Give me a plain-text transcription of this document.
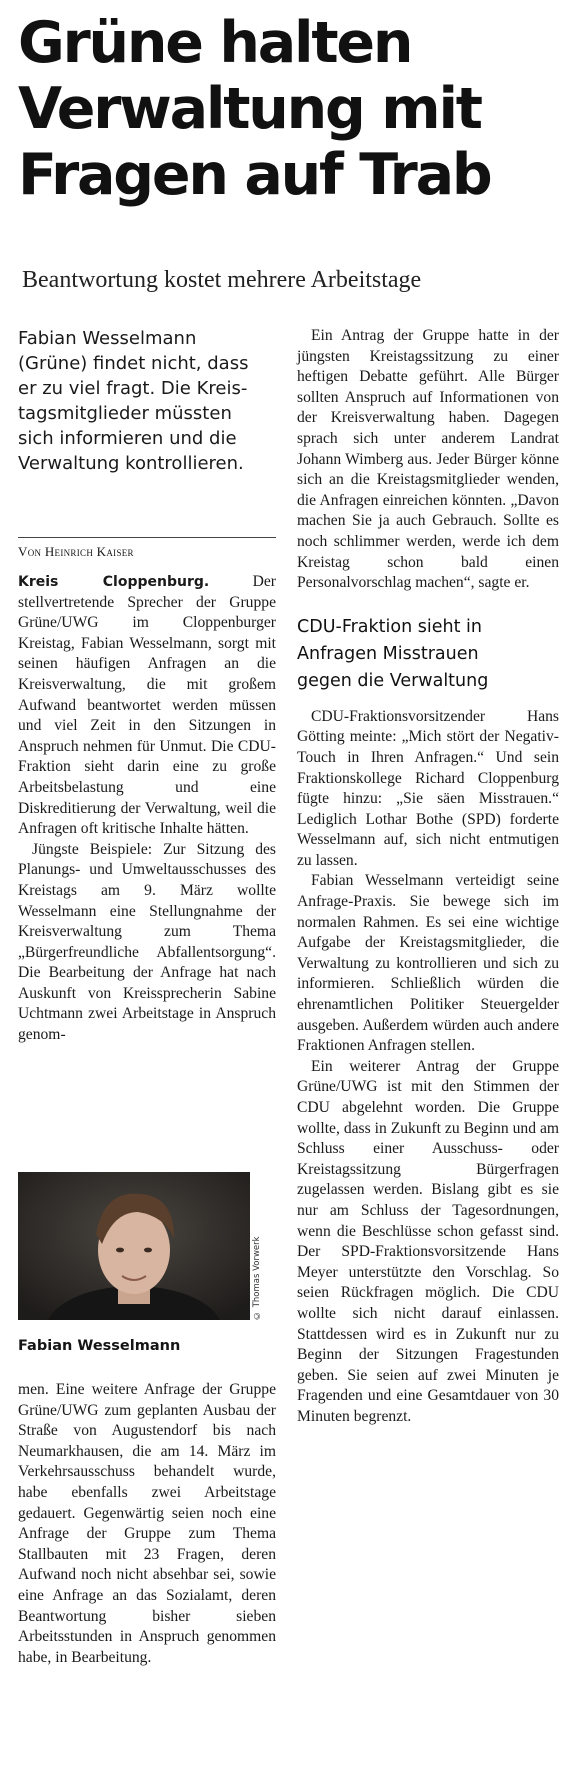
Grüne halten
Verwaltung mit
Fragen auf Trab
Beantwortung kostet mehrere Arbeitstage
Fabian Wesselmann (Grüne) findet nicht, dass er zu viel fragt. Die Kreistagsmitglieder müssten sich informieren und die Verwaltung kontrollieren.
Von Heinrich Kaiser

Kreis Cloppenburg.	Der stellvertretende Sprecher der Gruppe Grüne/UWG im Cloppenburger Kreistag, Fabian Wesselmann, sorgt mit seinen häufigen Anfragen an die Kreisverwaltung, die mit großem Aufwand beantwortet werden müssen und viel Zeit in den Sitzungen in Anspruch nehmen für Unmut. Die CDU-Fraktion sieht darin eine zu große Arbeitsbelastung und eine Diskreditierung der Verwaltung, weil die Anfragen oft kritische Inhalte hätten.

Jüngste Beispiele: Zur Sitzung des Planungs- und Umweltausschusses des Kreistags am 9. März wollte Wesselmann eine Stellungnahme der Kreisverwaltung zum Thema „Bürgerfreundliche Abfallentsorgung“. Die Bearbeitung der Anfrage hat nach Auskunft von Kreissprecherin Sabine Uchtmann zwei Arbeitstage in Anspruch genom-

© Thomas Vorwerk
Fabian Wesselmann

men. Eine weitere Anfrage der Gruppe Grüne/UWG zum geplanten Ausbau der Straße von Augustendorf bis nach Neumarkhausen, die am 14. März im Verkehrsausschuss behandelt wurde, habe ebenfalls zwei Arbeitstage gedauert. Gegenwärtig seien noch eine Anfrage der Gruppe zum Thema Stallbauten mit 23 Fragen, deren Aufwand noch nicht absehbar sei, sowie eine Anfrage an das Sozialamt, deren Beantwortung bisher sieben Arbeitsstunden in Anspruch genommen habe, in Bearbeitung.

Ein Antrag der Gruppe hatte in der jüngsten Kreistagssitzung zu einer heftigen Debatte geführt. Alle Bürger sollten Anspruch auf Informationen von der Kreisverwaltung haben. Dagegen sprach sich unter anderem Landrat Johann Wimberg aus. Jeder Bürger könne sich an die Kreistagsmitglieder wenden, die Anfragen einreichen könnten. „Davon machen Sie ja auch Gebrauch. Sollte es noch schlimmer werden, werde ich dem Kreistag schon bald einen Personalvorschlag machen“, sagte er.

CDU-Fraktion sieht in
Anfragen Misstrauen
gegen die Verwaltung

CDU-Fraktionsvorsitzender Hans Götting meinte: „Mich stört der Negativ-Touch in Ihren Anfragen.“ Und sein Fraktionskollege Richard Cloppenburg fügte hinzu: „Sie säen Misstrauen.“ Lediglich Lothar Bothe (SPD) forderte Wesselmann auf, sich nicht entmutigen zu lassen.

Fabian Wesselmann verteidigt seine Anfrage-Praxis. Sie bewege sich im normalen Rahmen. Es sei eine wichtige Aufgabe der Kreistagsmitglieder, die Verwaltung zu kontrollieren und sich zu informieren. Schließlich würden die ehrenamtlichen Politiker Steuergelder ausgeben. Außerdem würden auch andere Fraktionen Anfragen stellen.

Ein weiterer Antrag der Gruppe Grüne/UWG ist mit den Stimmen der CDU abgelehnt worden. Die Gruppe wollte, dass in Zukunft zu Beginn und am Schluss einer Ausschuss- oder Kreistagssitzung Bürgerfragen zugelassen werden. Bislang gibt es sie nur am Schluss der Tagesordnungen, wenn die Beschlüsse schon gefasst sind. Der SPD-Fraktionsvorsitzende Hans Meyer unterstützte den Vorschlag. So seien Rückfragen möglich. Die CDU wollte sich nicht darauf einlassen. Stattdessen wird es in Zukunft nur zu Beginn der Sitzungen Fragestunden geben. Sie seien auf zwei Minuten je Fragenden und eine Gesamtdauer von 30 Minuten begrenzt.
